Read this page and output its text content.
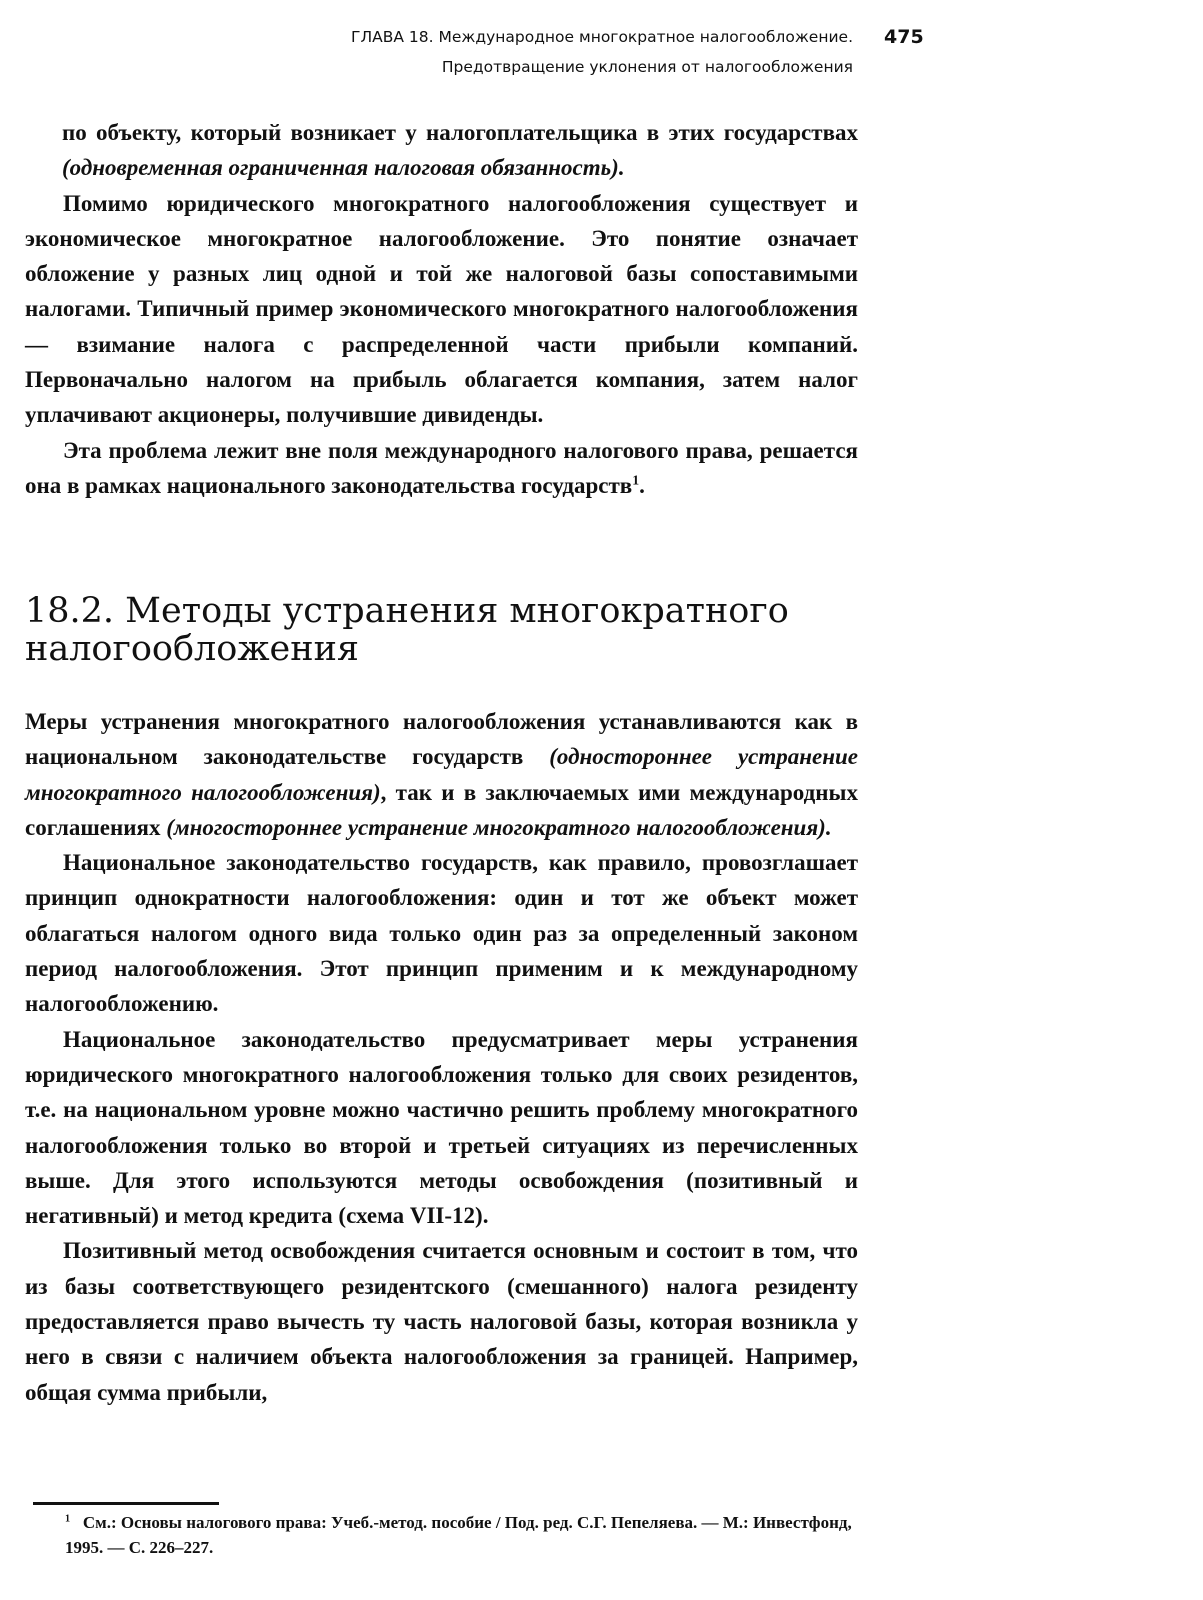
ГЛАВА 18. Международное многократное налогообложение.
Предотвращение уклонения от налогообложения
475

по объекту, который возникает у налогоплательщика в этих государствах (одновременная ограниченная налоговая обязанность).

Помимо юридического многократного налогообложения существует и экономическое многократное налогообложение. Это понятие означает обложение у разных лиц одной и той же налоговой базы сопоставимыми налогами. Типичный пример экономического многократного налогообложения — взимание налога с распределенной части прибыли компаний. Первоначально налогом на прибыль облагается компания, затем налог уплачивают акционеры, получившие дивиденды.

Эта проблема лежит вне поля международного налогового права, решается она в рамках национального законодательства государств$^1$.

18.2. Методы устранения многократного налогообложения

Меры устранения многократного налогообложения устанавливаются как в национальном законодательстве государств (одностороннее устранение многократного налогообложения), так и в заключаемых ими международных соглашениях (многостороннее устранение многократного налогообложения).

Национальное законодательство государств, как правило, провозглашает принцип однократности налогообложения: один и тот же объект может облагаться налогом одного вида только один раз за определенный законом период налогообложения. Этот принцип применим и к международному налогообложению.

Национальное законодательство предусматривает меры устранения юридического многократного налогообложения только для своих резидентов, т.е. на национальном уровне можно частично решить проблему многократного налогообложения только во второй и третьей ситуациях из перечисленных выше. Для этого используются методы освобождения (позитивный и негативный) и метод кредита (схема VII-12).

Позитивный метод освобождения считается основным и состоит в том, что из базы соответствующего резидентского (смешанного) налога резиденту предоставляется право вычесть ту часть налоговой базы, которая возникла у него в связи с наличием объекта налогообложения за границей. Например, общая сумма прибыли,

$^1$ См.: Основы налогового права: Учеб.-метод. пособие / Под. ред. С.Г. Пепеляева. — М.: Инвестфонд, 1995. — С. 226–227.
